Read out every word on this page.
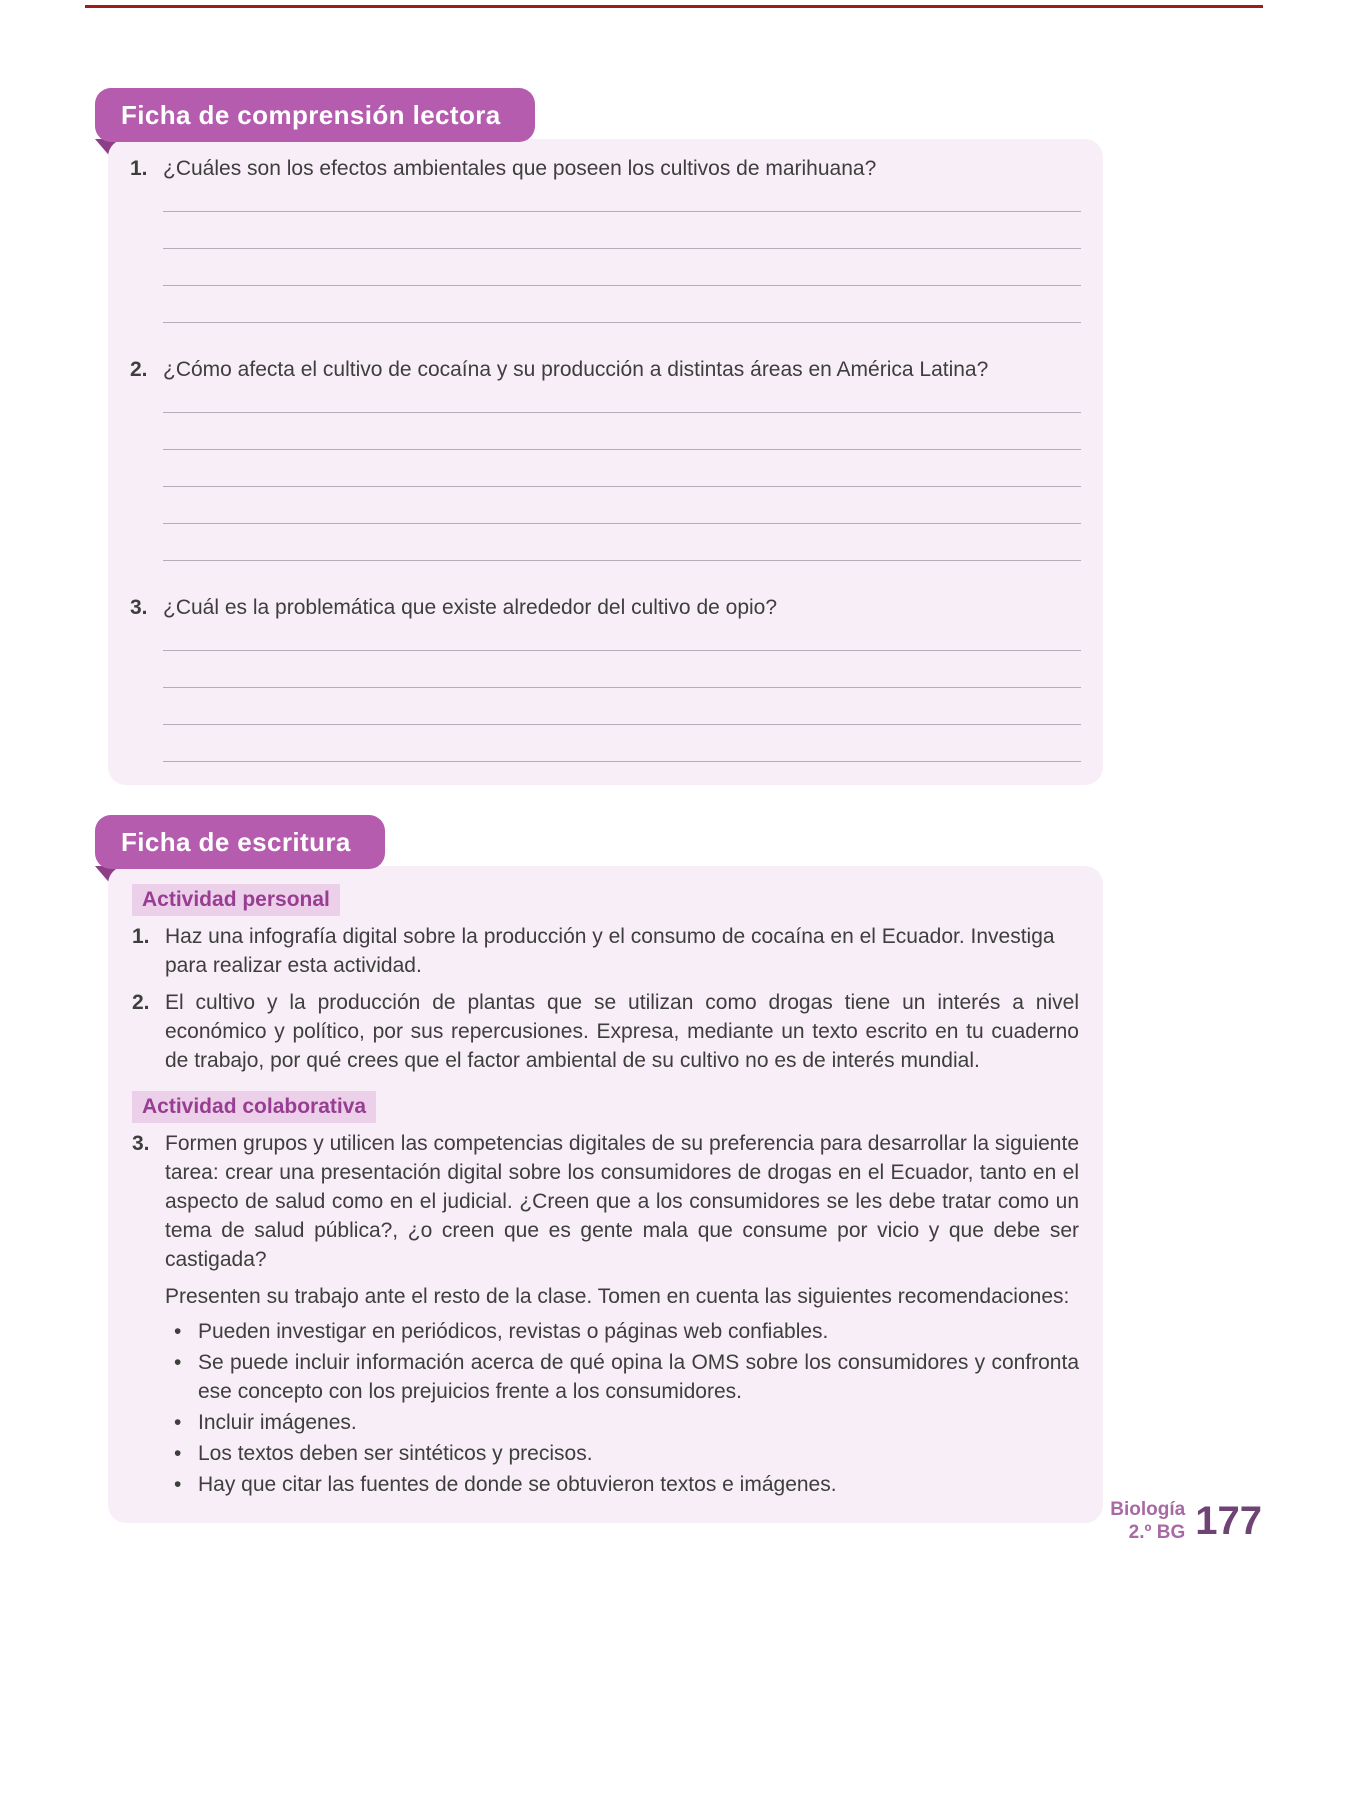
Ficha de comprensión lectora
1. ¿Cuáles son los efectos ambientales que poseen los cultivos de marihuana?
2. ¿Cómo afecta el cultivo de cocaína y su producción a distintas áreas en América Latina?
3. ¿Cuál es la problemática que existe alrededor del cultivo de opio?
Ficha de escritura
Actividad personal
1. Haz una infografía digital sobre la producción y el consumo de cocaína en el Ecuador. Investiga para realizar esta actividad.
2. El cultivo y la producción de plantas que se utilizan como drogas tiene un interés a nivel económico y político, por sus repercusiones. Expresa, mediante un texto escrito en tu cuaderno de trabajo, por qué crees que el factor ambiental de su cultivo no es de interés mundial.
Actividad colaborativa
3. Formen grupos y utilicen las competencias digitales de su preferencia para desarrollar la siguiente tarea: crear una presentación digital sobre los consumidores de drogas en el Ecuador, tanto en el aspecto de salud como en el judicial. ¿Creen que a los consumidores se les debe tratar como un tema de salud pública?, ¿o creen que es gente mala que consume por vicio y que debe ser castigada?

Presenten su trabajo ante el resto de la clase. Tomen en cuenta las siguientes recomendaciones:

• Pueden investigar en periódicos, revistas o páginas web confiables.
• Se puede incluir información acerca de qué opina la OMS sobre los consumidores y confronta ese concepto con los prejuicios frente a los consumidores.
• Incluir imágenes.
• Los textos deben ser sintéticos y precisos.
• Hay que citar las fuentes de donde se obtuvieron textos e imágenes.
Biología
2.º BG 177
